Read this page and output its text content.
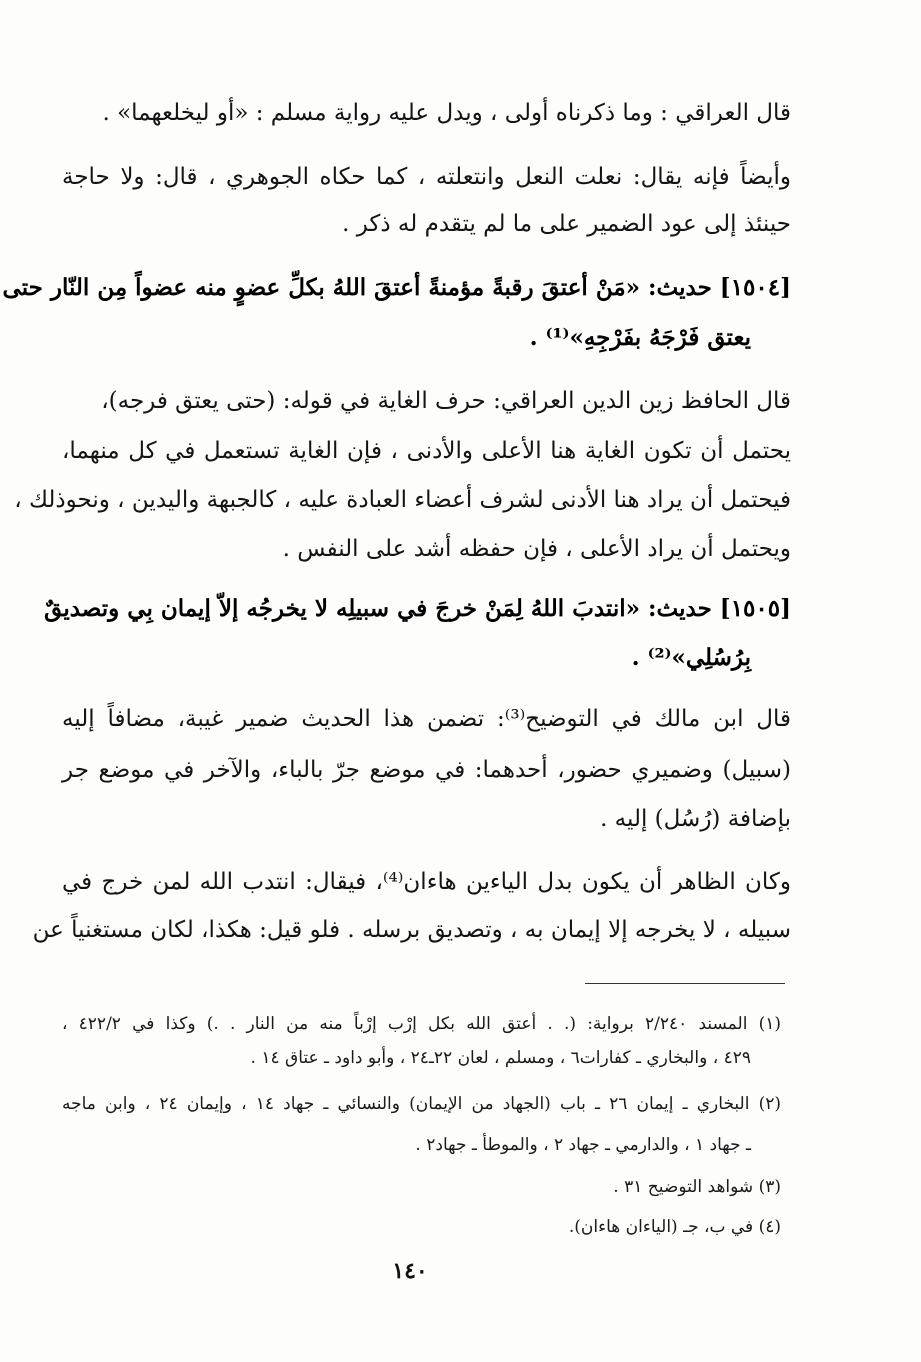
قال العراقي : وما ذكرناه أولى ، ويدل عليه رواية مسلم : «أو ليخلعهما» .
وأيضاً فإنه يقال: نعلت النعل وانتعلته ، كما حكاه الجوهري ، قال: ولا حاجة
حينئذ إلى عود الضمير على ما لم يتقدم له ذكر .
[١٥٠٤] حديث: «مَنْ أعتقَ رقبةً مؤمنةً أعتقَ اللهُ بكلِّ عضوٍ منه عضواً مِن النّار حتى
يعتق فَرْجَهُ بفَرْجِهِ»⁽¹⁾ .
قال الحافظ زين الدين العراقي: حرف الغاية في قوله: (حتى يعتق فرجه)،
يحتمل أن تكون الغاية هنا الأعلى والأدنى ، فإن الغاية تستعمل في كل منهما،
فيحتمل أن يراد هنا الأدنى لشرف أعضاء العبادة عليه ، كالجبهة واليدين ، ونحوذلك ،
ويحتمل أن يراد الأعلى ، فإن حفظه أشد على النفس .
[١٥٠٥] حديث: «انتدبَ اللهُ لِمَنْ خرجَ في سبيلِه لا يخرجُه إلاّ إيمان بِي وتصديقٌ
بِرُسُلِي»⁽²⁾ .
قال ابن مالك في التوضيح⁽³⁾: تضمن هذا الحديث ضمير غيبة، مضافاً إليه
(سبيل) وضميري حضور، أحدهما: في موضع جرّ بالباء، والآخر في موضع جر
بإضافة (رُسُل) إليه .
وكان الظاهر أن يكون بدل الياءين هاءان⁽⁴⁾، فيقال: انتدب الله لمن خرج في
سبيله ، لا يخرجه إلا إيمان به ، وتصديق برسله . فلو قيل: هكذا، لكان مستغنياً عن
(١) المسند ٢/٢٤٠ برواية: (. . أعتق الله بكل إرْب إرْباً منه من النار . .) وكذا في ٤٢٢/٢ ،
٤٢٩ ، والبخاري ـ كفارات٦ ، ومسلم ، لعان ٢٢ـ٢٤ ، وأبو داود ـ عتاق ١٤ .
(٢) البخاري ـ إيمان ٢٦ ـ باب (الجهاد من الإيمان) والنسائي ـ جهاد ١٤ ، وإيمان ٢٤ ، وابن ماجه
ـ جهاد ١ ، والدارمي ـ جهاد ٢ ، والموطأ ـ جهاد٢ .
(٣) شواهد التوضيح ٣١ .
(٤) في ب، جـ (الياءان هاءان).
١٤٠
